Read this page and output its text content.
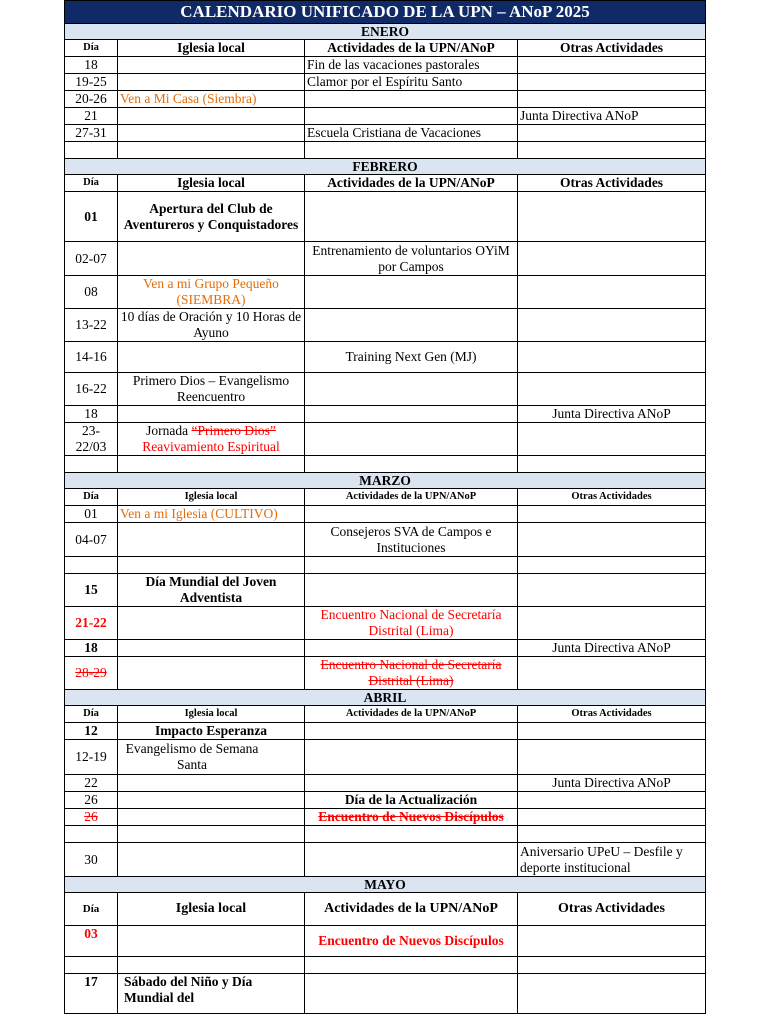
CALENDARIO UNIFICADO DE LA UPN – ANoP 2025			
ENERO			
Día	Iglesia local	Actividades de la UPN/ANoP	Otras Actividades
18		Fin de las vacaciones pastorales	
19-25		Clamor por el Espíritu Santo	
20-26	Ven a Mi Casa (Siembra)		
21			Junta Directiva ANoP
27-31		Escuela Cristiana de Vacaciones	

FEBRERO			
Día	Iglesia local	Actividades de la UPN/ANoP	Otras Actividades
01	Apertura del Club de Aventureros y Conquistadores		
02-07		Entrenamiento de voluntarios OYiM por Campos	
08	Ven a mi Grupo Pequeño (SIEMBRA)		
13-22	10 días de Oración y 10 Horas de Ayuno		
14-16		Training Next Gen (MJ)	
16-22	Primero Dios – Evangelismo Reencuentro		
18			Junta Directiva ANoP
23-22/03	Jornada “Primero Dios”
Reavivamiento Espiritual		

MARZO			
Día	Iglesia local	Actividades de la UPN/ANoP	Otras Actividades
01	Ven a mi Iglesia (CULTIVO)		
04-07		Consejeros SVA de Campos e Instituciones	

15	Día Mundial del Joven Adventista		
21-22		Encuentro Nacional de Secretaría Distrital (Lima)	
18			Junta Directiva ANoP
28-29		Encuentro Nacional de Secretaría Distrital (Lima)	
ABRIL			
Día	Iglesia local	Actividades de la UPN/ANoP	Otras Actividades
12	Impacto Esperanza		
12-19	Evangelismo de Semana Santa		
22			Junta Directiva ANoP
26		Día de la Actualización	
26		Encuentro de Nuevos Discípulos	

30			Aniversario UPeU – Desfile y deporte institucional
MAYO			
Día	Iglesia local	Actividades de la UPN/ANoP	Otras Actividades
03		Encuentro de Nuevos Discípulos	

17	Sábado del Niño y Día Mundial del		
